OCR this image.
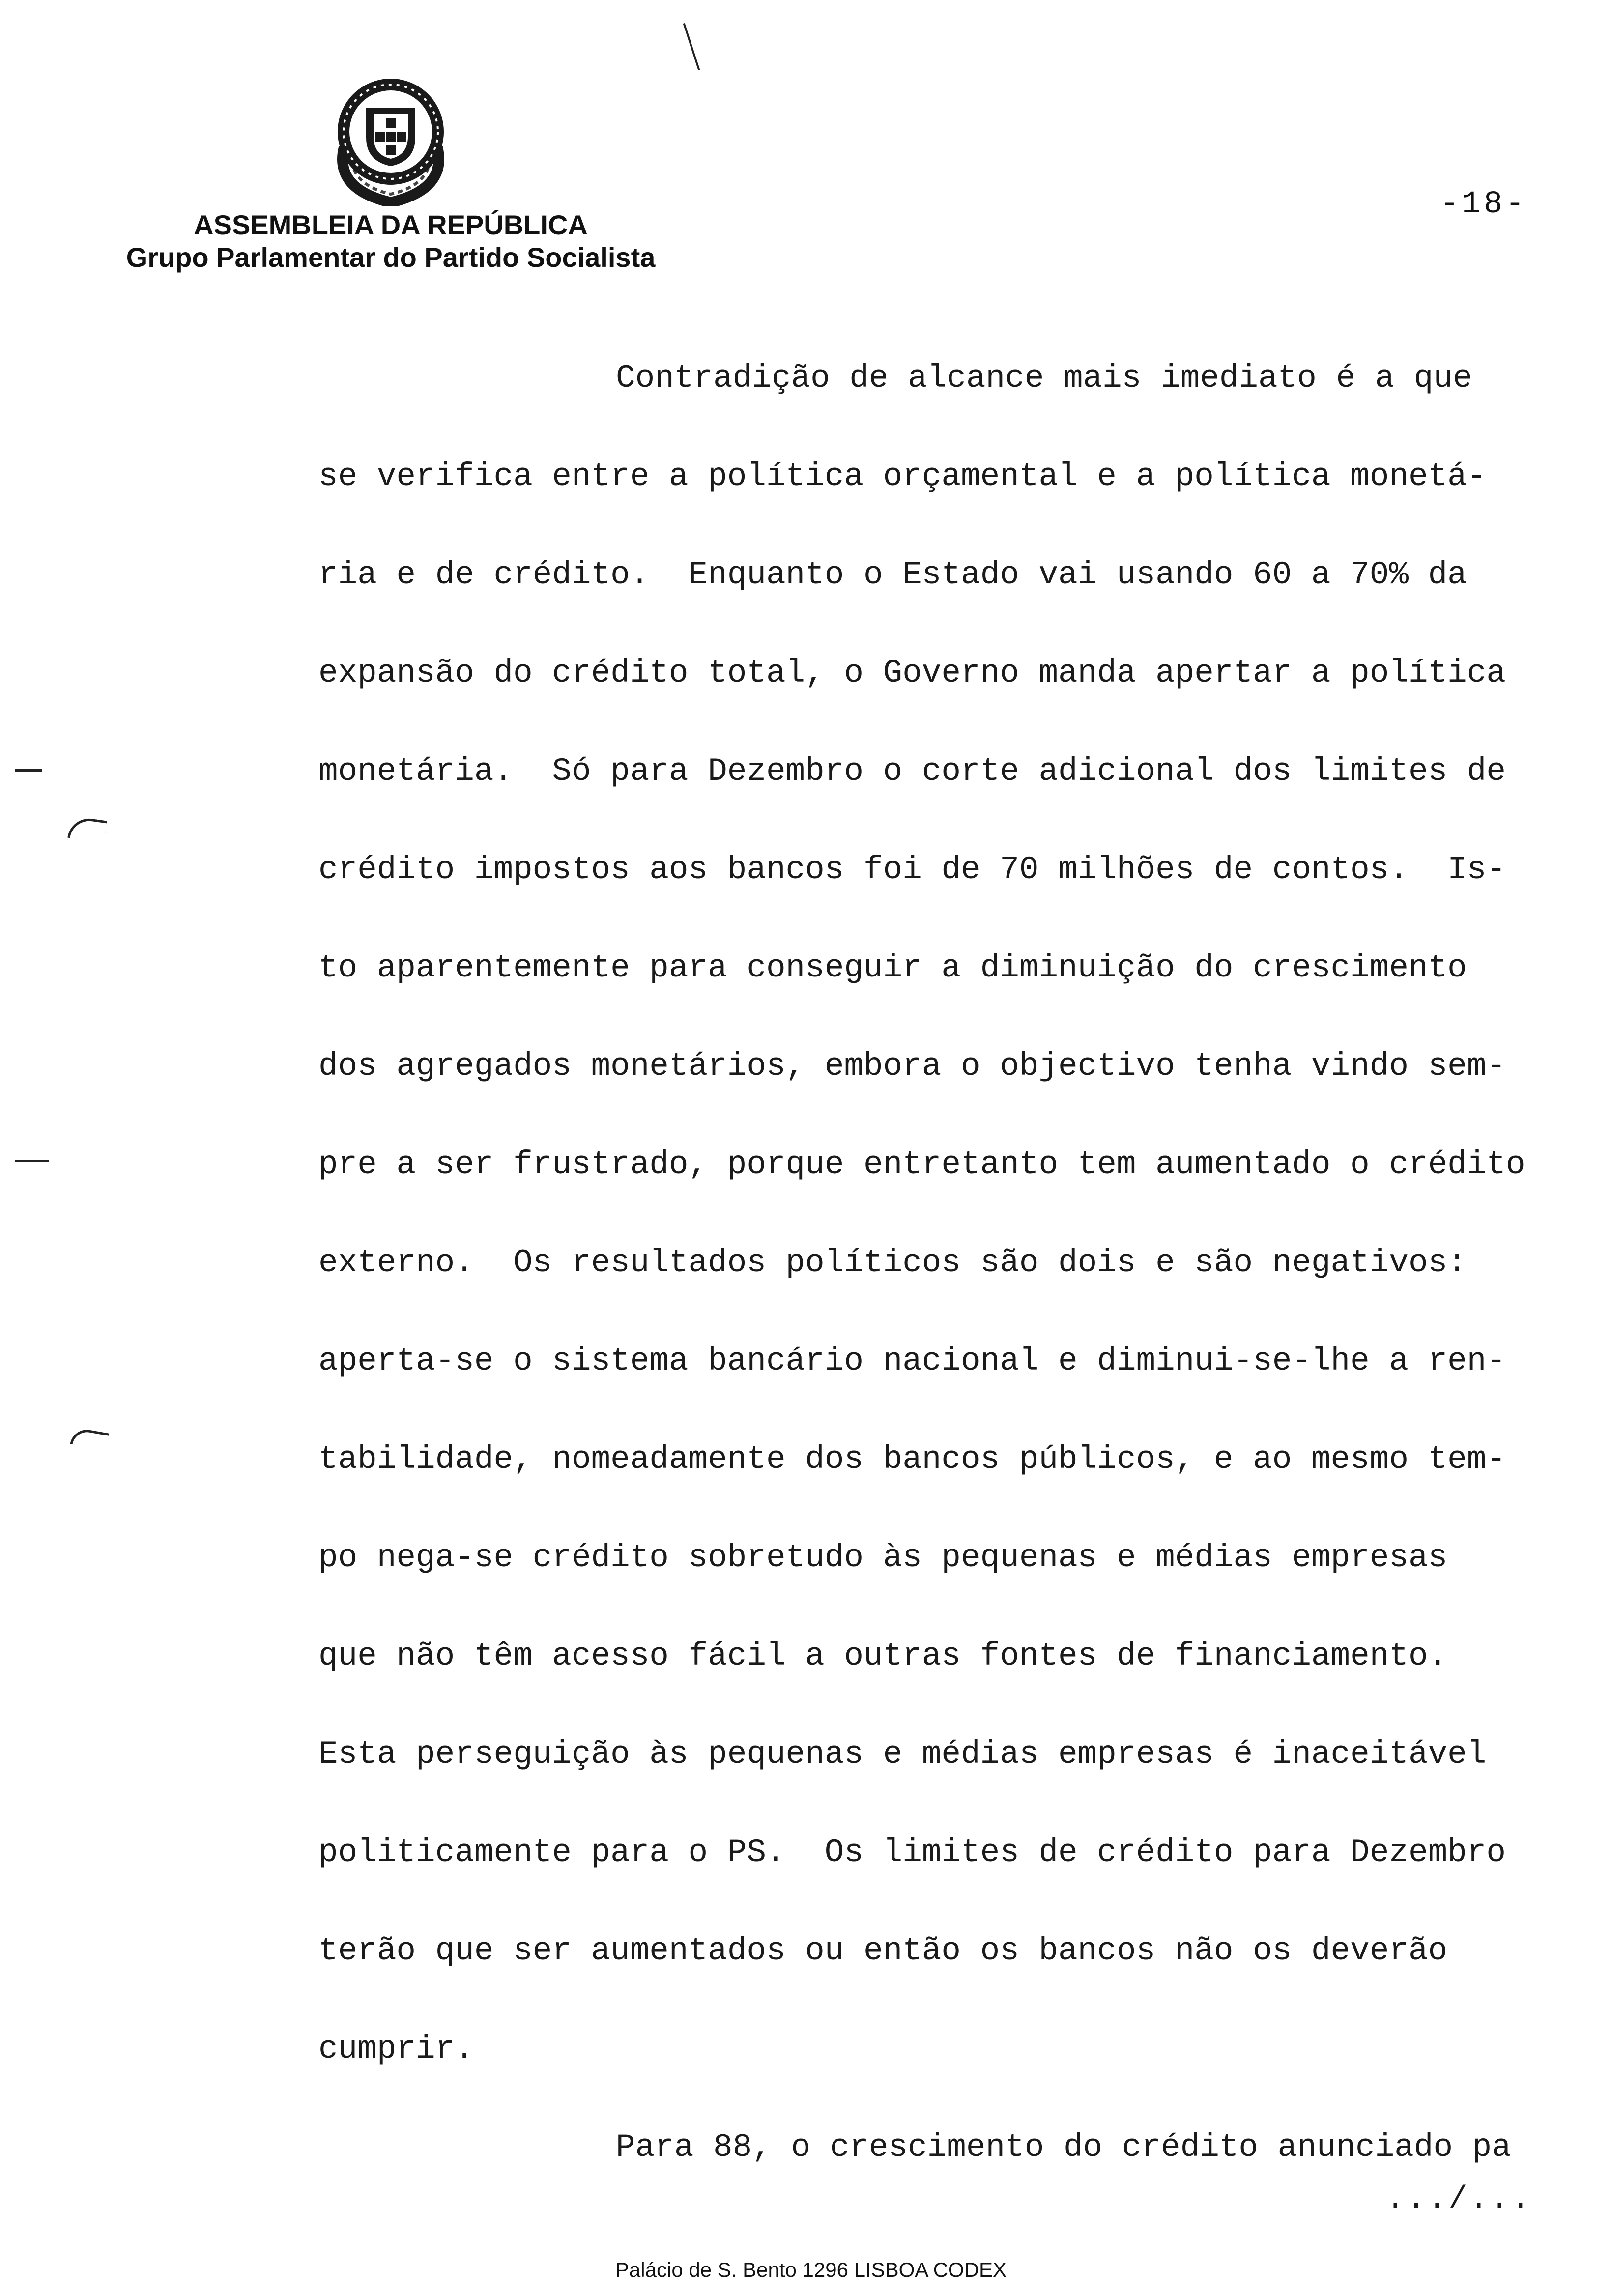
ASSEMBLEIA DA REPÚBLICA
Grupo Parlamentar do Partido Socialista
-18-
Contradição de alcance mais imediato é a que
se verifica entre a política orçamental e a política monetá-
ria e de crédito.  Enquanto o Estado vai usando 60 a 70% da
expansão do crédito total, o Governo manda apertar a política
monetária.  Só para Dezembro o corte adicional dos limites de
crédito impostos aos bancos foi de 70 milhões de contos.  Is-
to aparentemente para conseguir a diminuição do crescimento
dos agregados monetários, embora o objectivo tenha vindo sem-
pre a ser frustrado, porque entretanto tem aumentado o crédito
externo.  Os resultados políticos são dois e são negativos:
aperta-se o sistema bancário nacional e diminui-se-lhe a ren-
tabilidade, nomeadamente dos bancos públicos, e ao mesmo tem-
po nega-se crédito sobretudo às pequenas e médias empresas
que não têm acesso fácil a outras fontes de financiamento.
Esta perseguição às pequenas e médias empresas é inaceitável
politicamente para o PS.  Os limites de crédito para Dezembro
terão que ser aumentados ou então os bancos não os deverão
cumprir.
Para 88, o crescimento do crédito anunciado pa
.../...
Palácio de S. Bento 1296 LISBOA CODEX
